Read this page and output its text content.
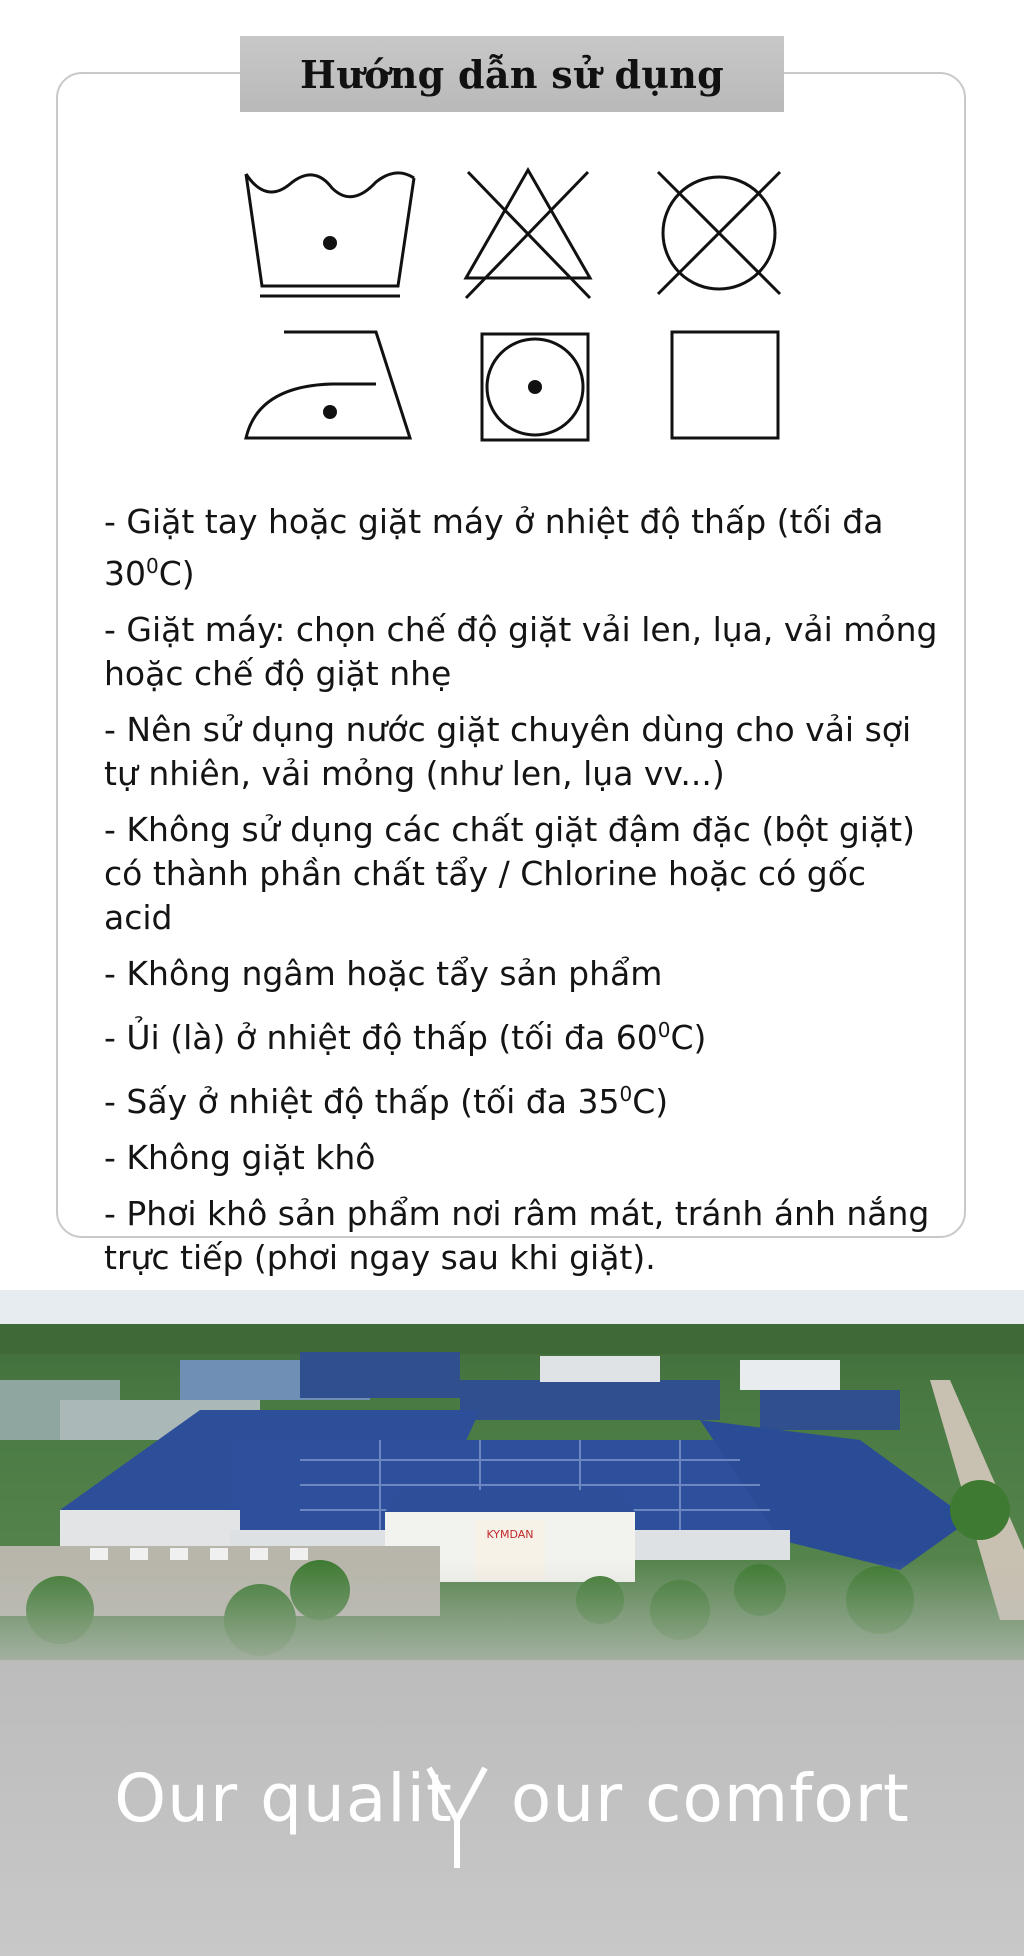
Hướng dẫn sử dụng
- Giặt tay hoặc giặt máy ở nhiệt độ thấp (tối đa $30^0C$)
- Giặt máy: chọn chế độ giặt vải len, lụa, vải mỏng hoặc chế độ giặt nhẹ
- Nên sử dụng nước giặt chuyên dùng cho vải sợi tự nhiên, vải mỏng (như len, lụa vv...)
- Không sử dụng các chất giặt đậm đặc (bột giặt) có thành phần chất tẩy / Chlorine hoặc có gốc acid
- Không ngâm hoặc tẩy sản phẩm
- Ủi (là) ở nhiệt độ thấp (tối đa $60^0C$)
- Sấy ở nhiệt độ thấp (tối đa $35^0C$)
- Không giặt khô
- Phơi khô sản phẩm nơi râm mát, tránh ánh nắng trực tiếp (phơi ngay sau khi giặt).
KYMDAN
Our qualit our comfort
